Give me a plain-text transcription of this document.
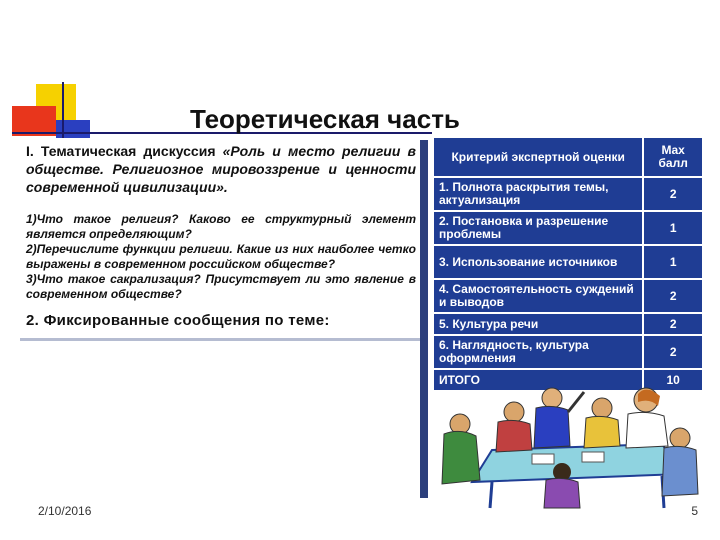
Теоретическая часть
I. Тематическая дискуссия «Роль и место религии в обществе. Религиозное мировоззрение и ценности современной цивилизации».
1)Что такое религия? Каково ее структурный элемент является определяющим?
2)Перечислите функции религии. Какие из них наиболее четко выражены в современном российском обществе?
3)Что такое сакрализация? Присутствует ли это явление в современном обществе?
2. Фиксированные сообщения по теме:
Критерий экспертной оценки	Max балл
1. Полнота раскрытия темы, актуализация	2
2. Постановка и разрешение проблемы	1
3. Использование источников	1
4. Самостоятельность суждений и выводов	2
5. Культура речи	2
6. Наглядность, культура оформления	2
ИТОГО	10
2/10/2016	5
